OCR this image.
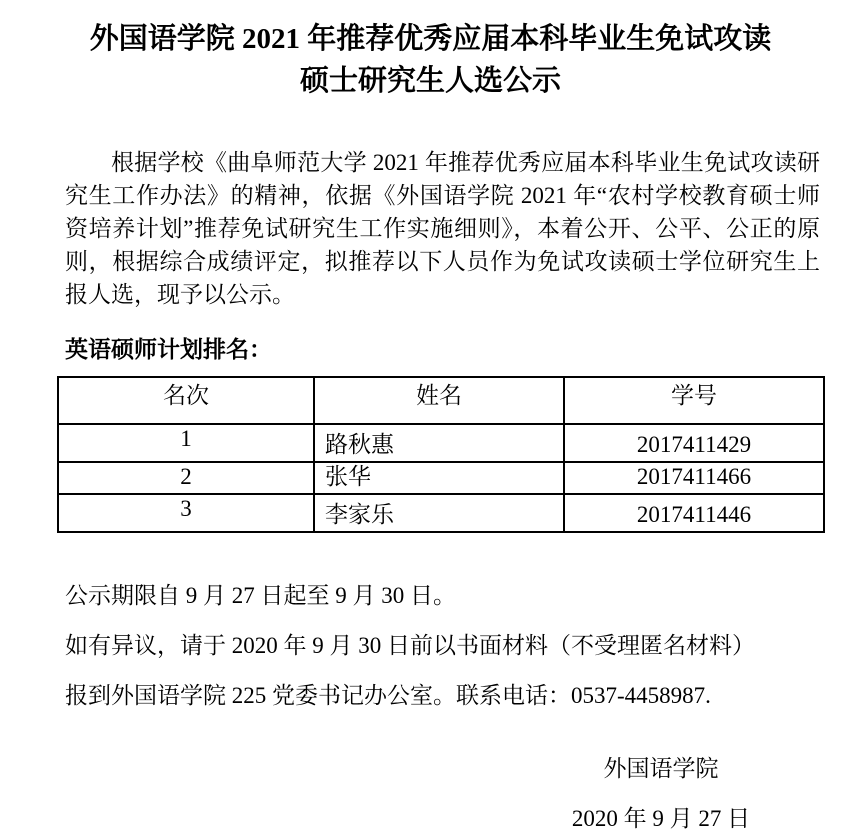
外国语学院 2021 年推荐优秀应届本科毕业生免试攻读
硕士研究生人选公示
根据学校《曲阜师范大学 2021 年推荐优秀应届本科毕业生免试攻读研究生工作办法》的精神，依据《外国语学院 2021 年“农村学校教育硕士师资培养计划”推荐免试研究生工作实施细则》，本着公开、公平、公正的原则，根据综合成绩评定，拟推荐以下人员作为免试攻读硕士学位研究生上报人选，现予以公示。
英语硕师计划排名：
名次	姓名	学号
1	路秋惠	2017411429
2	张华	2017411466
3	李家乐	2017411446
公示期限自 9 月 27 日起至 9 月 30 日。
如有异议，请于 2020 年 9 月 30 日前以书面材料（不受理匿名材料）
报到外国语学院 225 党委书记办公室。联系电话：0537-4458987.
外国语学院
2020 年 9 月 27 日
